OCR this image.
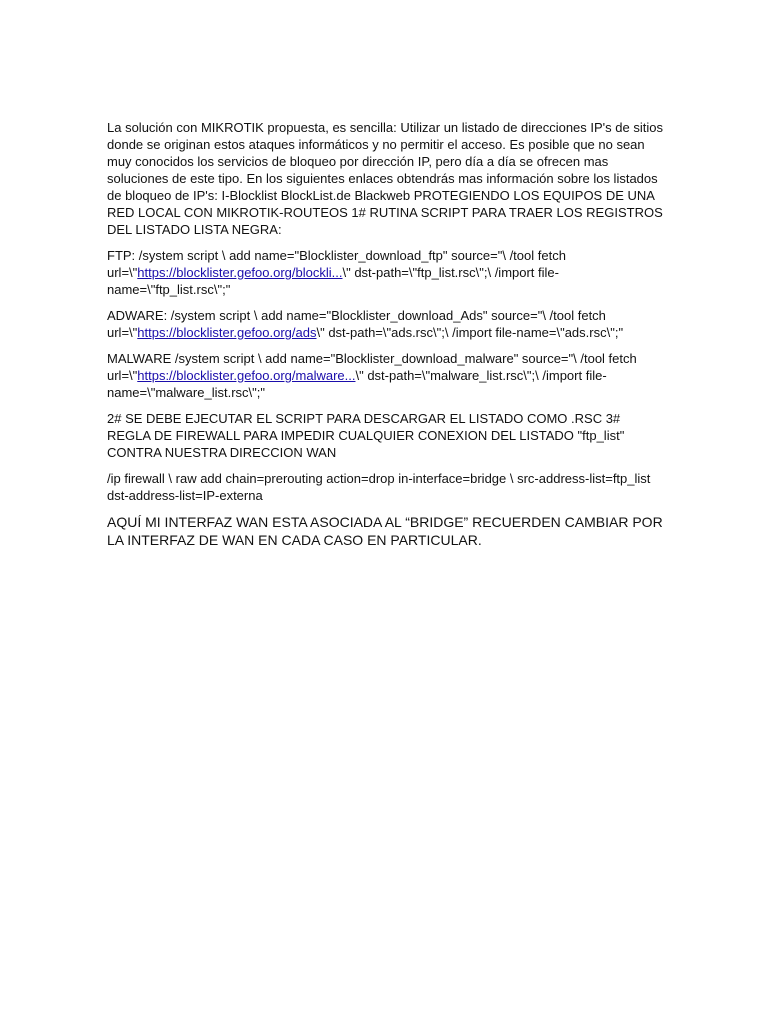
La solución con MIKROTIK propuesta, es sencilla: Utilizar un listado de direcciones IP's de sitios donde se originan estos ataques informáticos y no permitir el acceso. Es posible que no sean muy conocidos los servicios de bloqueo por dirección IP, pero día a día se ofrecen mas soluciones de este tipo. En los siguientes enlaces obtendrás mas información sobre los listados de bloqueo de IP's: I-Blocklist BlockList.de Blackweb PROTEGIENDO LOS EQUIPOS DE UNA RED LOCAL CON MIKROTIK-ROUTEOS 1# RUTINA SCRIPT PARA TRAER LOS REGISTROS DEL LISTADO LISTA NEGRA:

FTP: /system script \ add name="Blocklister_download_ftp" source="\ /tool fetch url=\"https://blocklister.gefoo.org/blockli...\" dst-path=\"ftp_list.rsc\";\ /import file-name=\"ftp_list.rsc\";"

ADWARE: /system script \ add name="Blocklister_download_Ads" source="\ /tool fetch url=\"https://blocklister.gefoo.org/ads\" dst-path=\"ads.rsc\";\ /import file-name=\"ads.rsc\";"

MALWARE /system script \ add name="Blocklister_download_malware" source="\ /tool fetch url=\"https://blocklister.gefoo.org/malware...\" dst-path=\"malware_list.rsc\";\ /import file-name=\"malware_list.rsc\";"

2# SE DEBE EJECUTAR EL SCRIPT PARA DESCARGAR EL LISTADO COMO .RSC 3# REGLA DE FIREWALL PARA IMPEDIR CUALQUIER CONEXION DEL LISTADO "ftp_list" CONTRA NUESTRA DIRECCION WAN

/ip firewall \ raw add chain=prerouting action=drop in-interface=bridge \ src-address-list=ftp_list dst-address-list=IP-externa

AQUÍ MI INTERFAZ WAN ESTA ASOCIADA AL “BRIDGE” RECUERDEN CAMBIAR POR LA INTERFAZ DE WAN EN CADA CASO EN PARTICULAR.
